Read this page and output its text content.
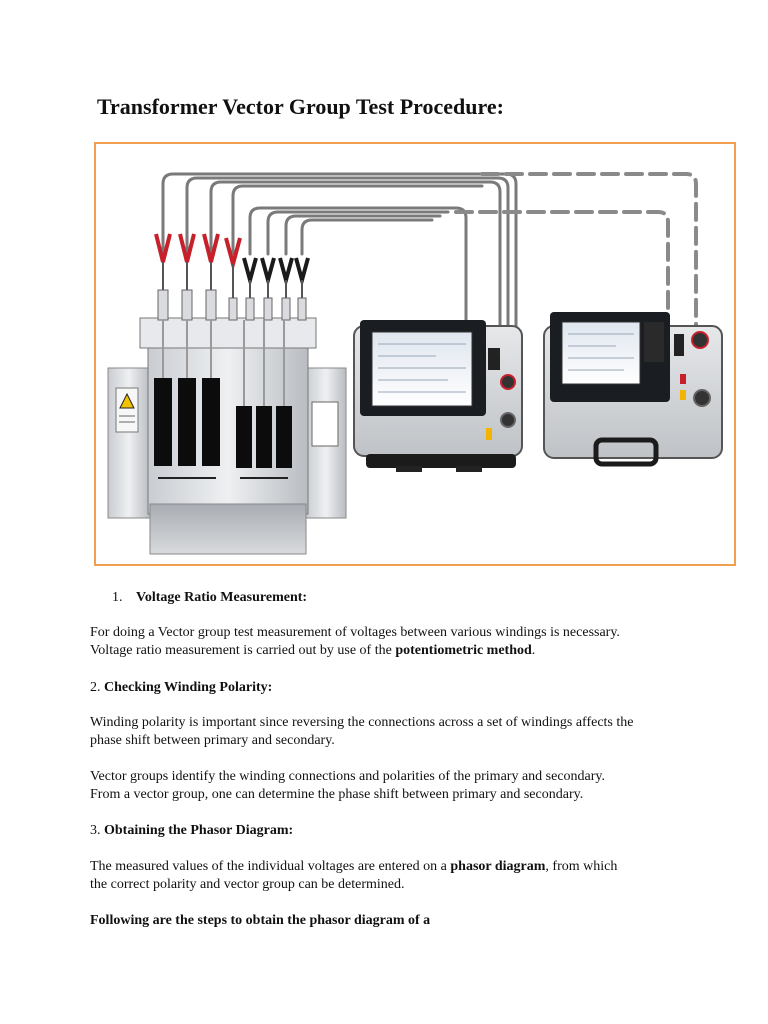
Transformer Vector Group Test Procedure:

1. Voltage Ratio Measurement:

For doing a Vector group test measurement of voltages between various windings is necessary.

Voltage ratio measurement is carried out by use of the potentiometric method.

2. Checking Winding Polarity:

Winding polarity is important since reversing the connections across a set of windings affects the

phase shift between primary and secondary.

Vector groups identify the winding connections and polarities of the primary and secondary.

From a vector group, one can determine the phase shift between primary and secondary.

3. Obtaining the Phasor Diagram:

The measured values of the individual voltages are entered on a phasor diagram, from which

the correct polarity and vector group can be determined.

Following are the steps to obtain the phasor diagram of a
